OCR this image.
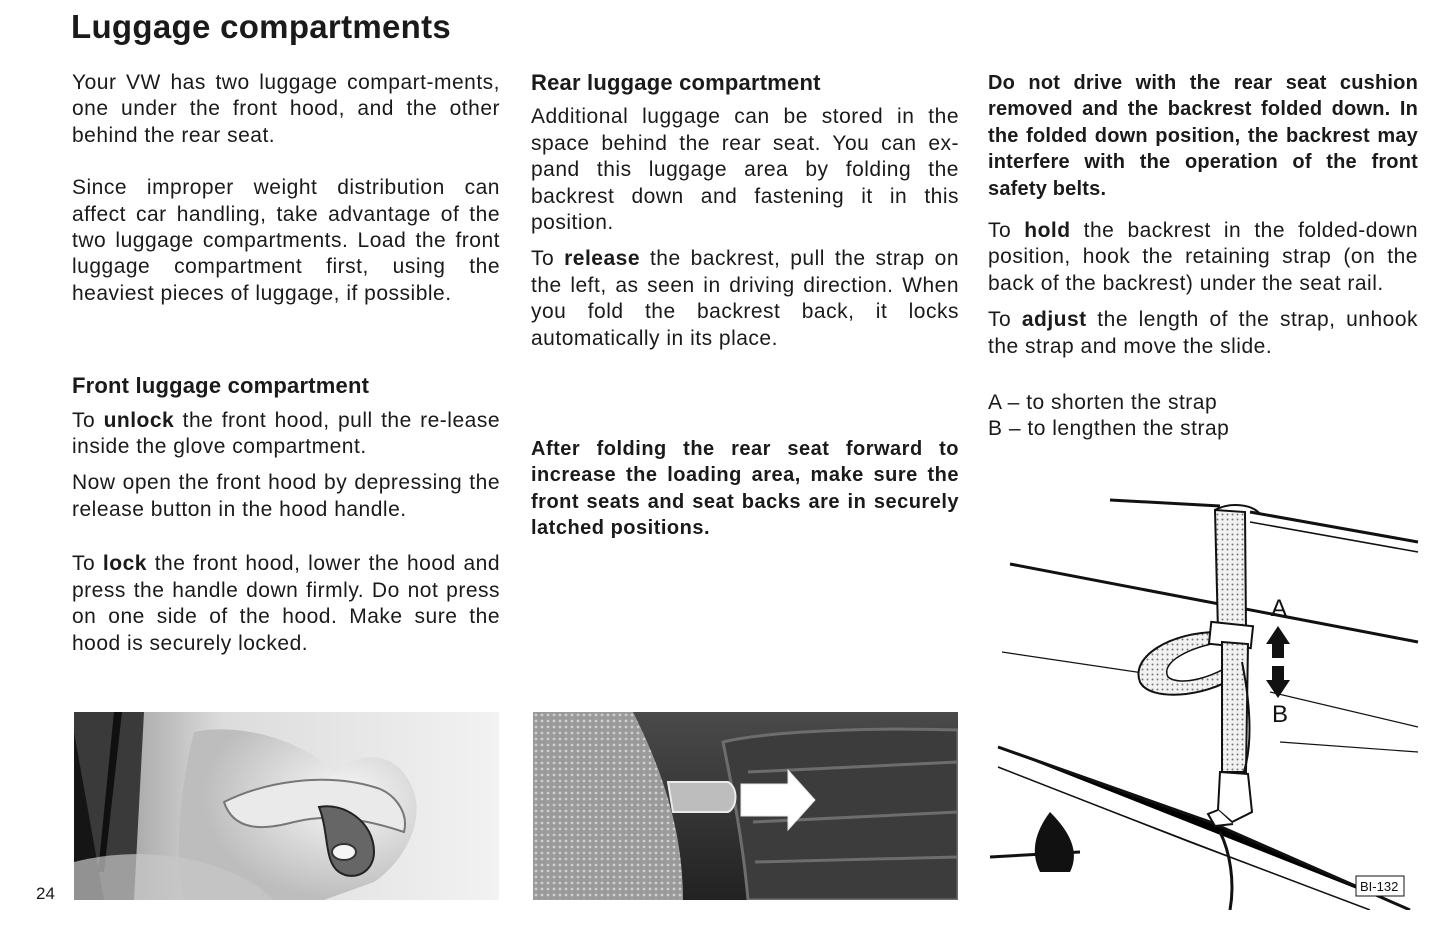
Luggage compartments

Your VW has two luggage compart-ments, one under the front hood, and the other behind the rear seat.

Since improper weight distribution can affect car handling, take advantage of the two luggage compartments. Load the front luggage compartment first, using the heaviest pieces of luggage, if possible.

Front luggage compartment

To unlock the front hood, pull the re-lease inside the glove compartment.

Now open the front hood by depressing the release button in the hood handle.

To lock the front hood, lower the hood and press the handle down firmly. Do not press on one side of the hood. Make sure the hood is securely locked.

Rear luggage compartment

Additional luggage can be stored in the space behind the rear seat. You can ex-pand this luggage area by folding the backrest down and fastening it in this position.

To release the backrest, pull the strap on the left, as seen in driving direction. When you fold the backrest back, it locks automatically in its place.

After folding the rear seat forward to increase the loading area, make sure the front seats and seat backs are in securely latched positions.

Do not drive with the rear seat cushion removed and the backrest folded down. In the folded down position, the backrest may interfere with the operation of the front safety belts.

To hold the backrest in the folded-down position, hook the retaining strap (on the back of the backrest) under the seat rail.

To adjust the length of the strap, unhook the strap and move the slide.

A – to shorten the strap

B – to lengthen the strap

A
B
BI-132
24
